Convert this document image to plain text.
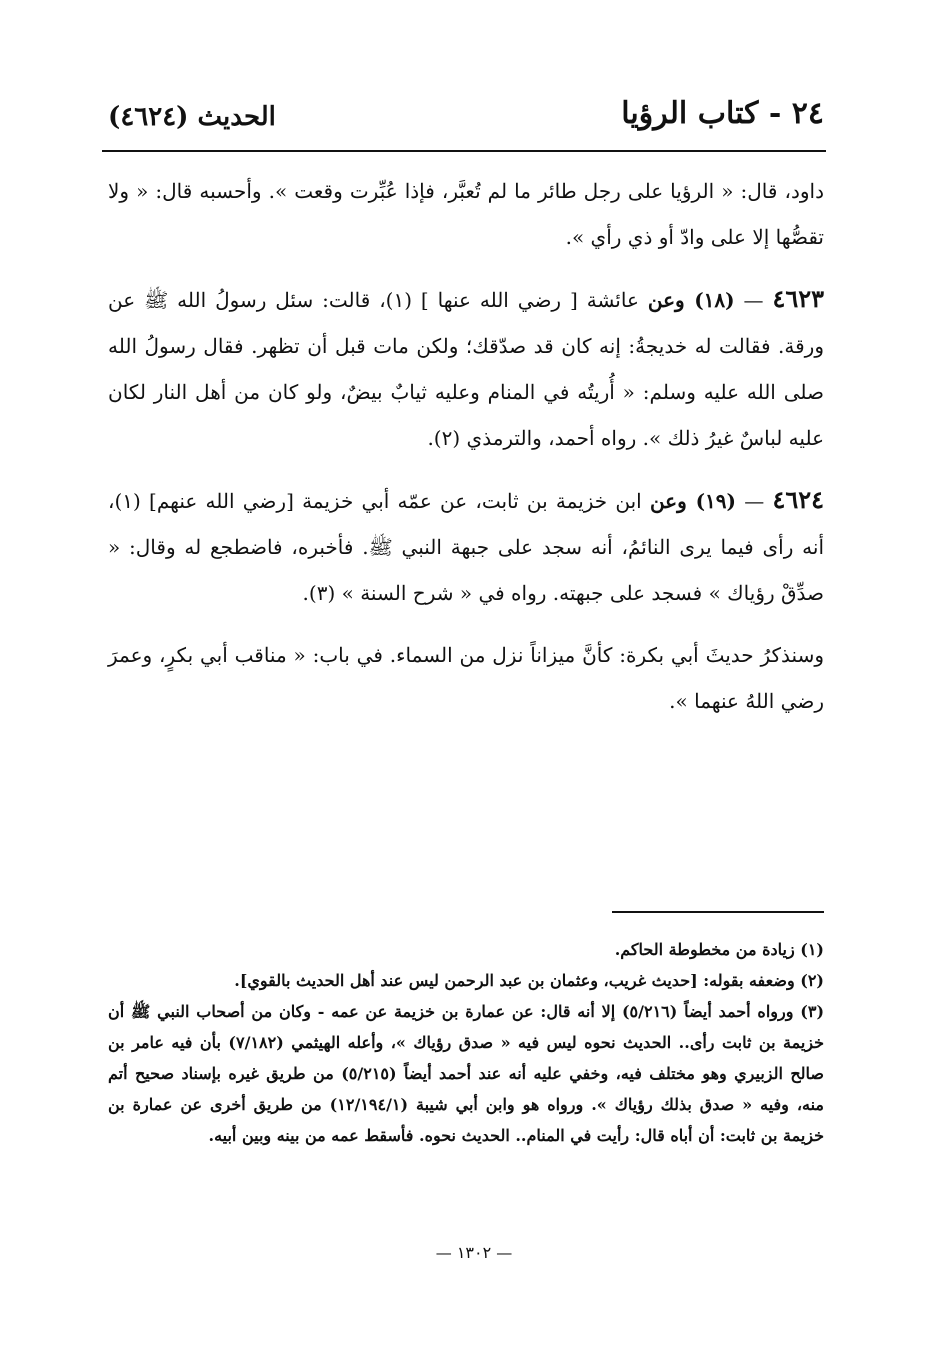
٢٤ - كتاب الرؤيا
الحديث (٤٦٢٤)

داود، قال: « الرؤيا على رجل طائر ما لم تُعبَّر، فإذا عُبِّرت وقعت ». وأحسبه قال: « ولا تقصُّها إلا على وادّ أو ذي رأي ».

٤٦٢٣ — (١٨) وعن عائشة [ رضي الله عنها ] (١)، قالت: سئل رسولُ الله ﷺ عن ورقة. فقالت له خديجةُ: إنه كان قد صدّقك؛ ولكن مات قبل أن تظهر. فقال رسولُ الله صلى الله عليه وسلم: « أُريتُه في المنام وعليه ثيابٌ بيضٌ، ولو كان من أهل النار لكان عليه لباسٌ غيرُ ذلك ». رواه أحمد، والترمذي (٢).

٤٦٢٤ — (١٩) وعن ابن خزيمة بن ثابت، عن عمّه أبي خزيمة [رضي الله عنهم] (١)، أنه رأى فيما يرى النائمُ، أنه سجد على جبهة النبي ﷺ. فأخبره، فاضطجع له وقال: « صدِّقْ رؤياك » فسجد على جبهته. رواه في « شرح السنة » (٣).

وسنذكرُ حديثَ أبي بكرة: كأنَّ ميزاناً نزل من السماء. في باب: « مناقب أبي بكرٍ، وعمرَ رضي اللهُ عنهما ».

(١) زيادة من مخطوطة الحاكم.

(٢) وضعفه بقوله: [حديث غريب، وعثمان بن عبد الرحمن ليس عند أهل الحديث بالقوي].

(٣) ورواه أحمد أيضاً (٥/٢١٦) إلا أنه قال: عن عمارة بن خزيمة عن عمه - وكان من أصحاب النبي ﷺ أن خزيمة بن ثابت رأى.. الحديث نحوه ليس فيه « صدق رؤياك »، وأعله الهيثمي (٧/١٨٢) بأن فيه عامر بن صالح الزبيري وهو مختلف فيه، وخفي عليه أنه عند أحمد أيضاً (٥/٢١٥) من طريق غيره بإسناد صحيح أتم منه، وفيه « صدق بذلك رؤياك ». ورواه هو وابن أبي شيبة (١٢/١٩٤/١) من طريق أخرى عن عمارة بن خزيمة بن ثابت: أن أباه قال: رأيت في المنام.. الحديث نحوه. فأسقط عمه من بينه وبين أبيه.

— ١٣٠٢ —
